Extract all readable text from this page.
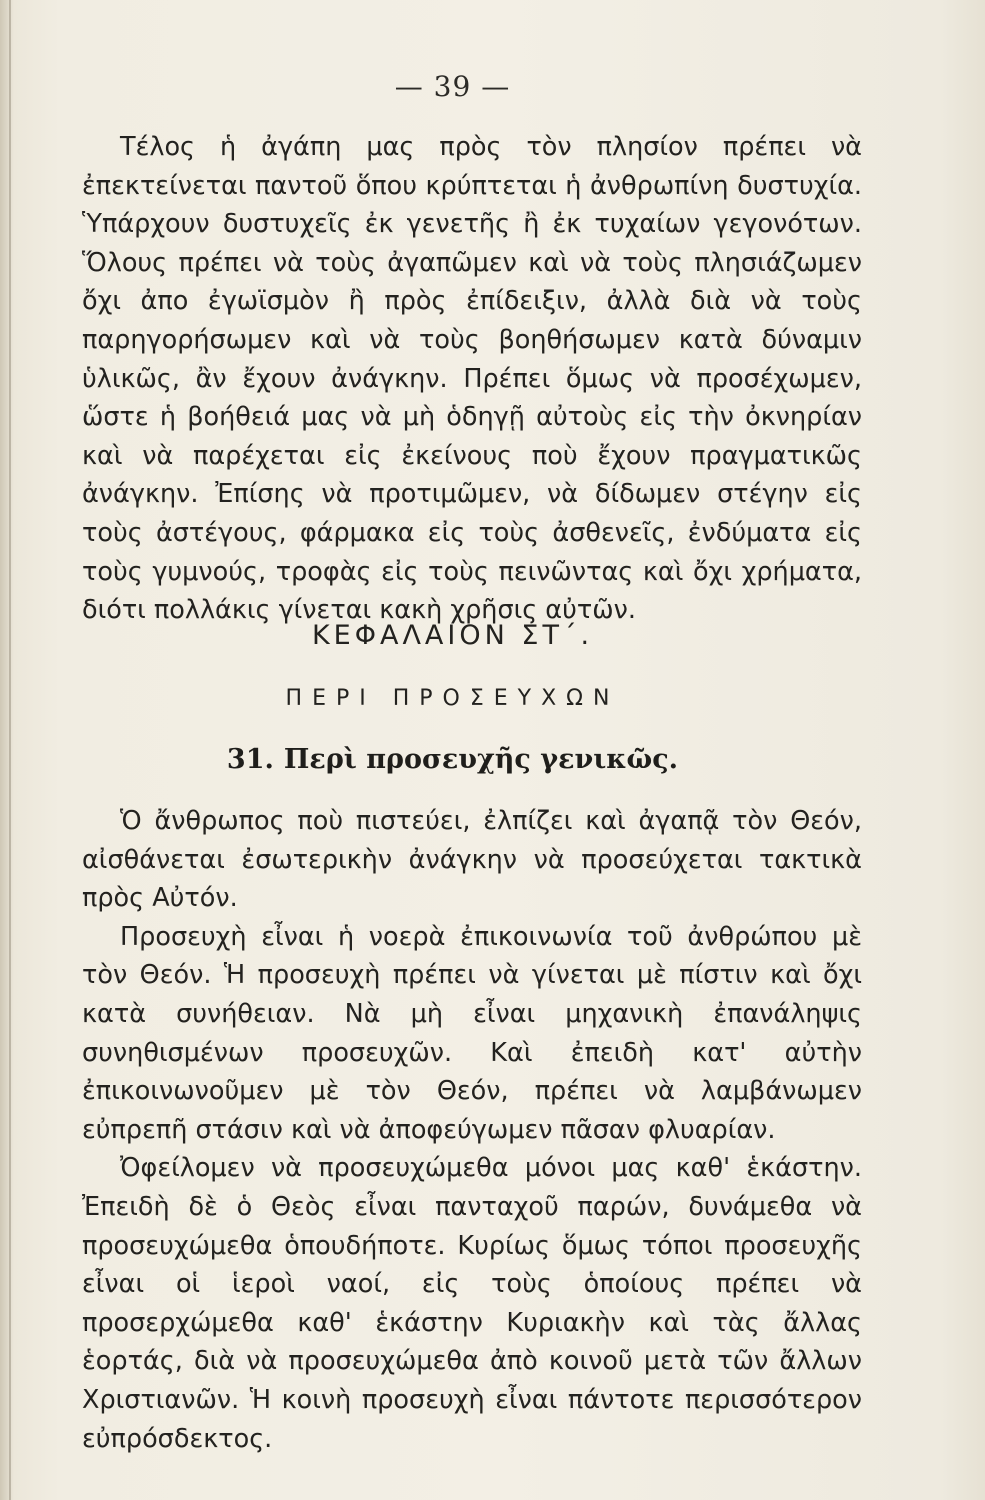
— 39 —

Τέλος ἡ ἀγάπη μας πρὸς τὸν πλησίον πρέπει νὰ ἐπεκτείνεται παντοῦ ὅπου κρύπτεται ἡ ἀνθρωπίνη δυστυχία. Ὑπάρχουν δυστυχεῖς ἐκ γενετῆς ἢ ἐκ τυχαίων γεγονότων. Ὅλους πρέπει νὰ τοὺς ἀγαπῶμεν καὶ νὰ τοὺς πλησιάζωμεν ὄχι ἀπο ἐγωϊσμὸν ἢ πρὸς ἐπίδειξιν, ἀλλὰ διὰ νὰ τοὺς παρηγορήσωμεν καὶ νὰ τοὺς βοηθήσωμεν κατὰ δύναμιν ὑλικῶς, ἂν ἔχουν ἀνάγκην. Πρέπει ὅμως νὰ προσέχωμεν, ὥστε ἡ βοήθειά μας νὰ μὴ ὁδηγῇ αὐτοὺς εἰς τὴν ὀκνηρίαν καὶ νὰ παρέχεται εἰς ἐκείνους ποὺ ἔχουν πραγματικῶς ἀνάγκην. Ἐπίσης νὰ προτιμῶμεν, νὰ δίδωμεν στέγην εἰς τοὺς ἀστέγους, φάρμακα εἰς τοὺς ἀσθενεῖς, ἐνδύματα εἰς τοὺς γυμνούς, τροφὰς εἰς τοὺς πεινῶντας καὶ ὄχι χρήματα, διότι πολλάκις γίνεται κακὴ χρῆσις αὐτῶν.

ΚΕΦΑΛΑΙΟΝ ΣΤ΄.
ΠΕΡΙ ΠΡΟΣΕΥΧΩΝ
31. Περὶ προσευχῆς γενικῶς.

Ὁ ἄνθρωπος ποὺ πιστεύει, ἐλπίζει καὶ ἀγαπᾷ τὸν Θεόν, αἰσθάνεται ἐσωτερικὴν ἀνάγκην νὰ προσεύχεται τακτικὰ πρὸς Αὐτόν.

Προσευχὴ εἶναι ἡ νοερὰ ἐπικοινωνία τοῦ ἀνθρώπου μὲ τὸν Θεόν. Ἡ προσευχὴ πρέπει νὰ γίνεται μὲ πίστιν καὶ ὄχι κατὰ συνήθειαν. Νὰ μὴ εἶναι μηχανικὴ ἐπανάληψις συνηθισμένων προσευχῶν. Καὶ ἐπειδὴ κατ' αὐτὴν ἐπικοινωνοῦμεν μὲ τὸν Θεόν, πρέπει νὰ λαμβάνωμεν εὐπρεπῆ στάσιν καὶ νὰ ἀποφεύγωμεν πᾶσαν φλυαρίαν.

Ὀφείλομεν νὰ προσευχώμεθα μόνοι μας καθ' ἑκάστην. Ἐπειδὴ δὲ ὁ Θεὸς εἶναι πανταχοῦ παρών, δυνάμεθα νὰ προσευχώμεθα ὁπουδήποτε. Κυρίως ὅμως τόποι προσευχῆς εἶναι οἱ ἱεροὶ ναοί, εἰς τοὺς ὁποίους πρέπει νὰ προσερχώμεθα καθ' ἑκάστην Κυριακὴν καὶ τὰς ἄλλας ἑορτάς, διὰ νὰ προσευχώμεθα ἀπὸ κοινοῦ μετὰ τῶν ἄλλων Χριστιανῶν. Ἡ κοινὴ προσευχὴ εἶναι πάντοτε περισσότερον εὐπρόσδεκτος.
